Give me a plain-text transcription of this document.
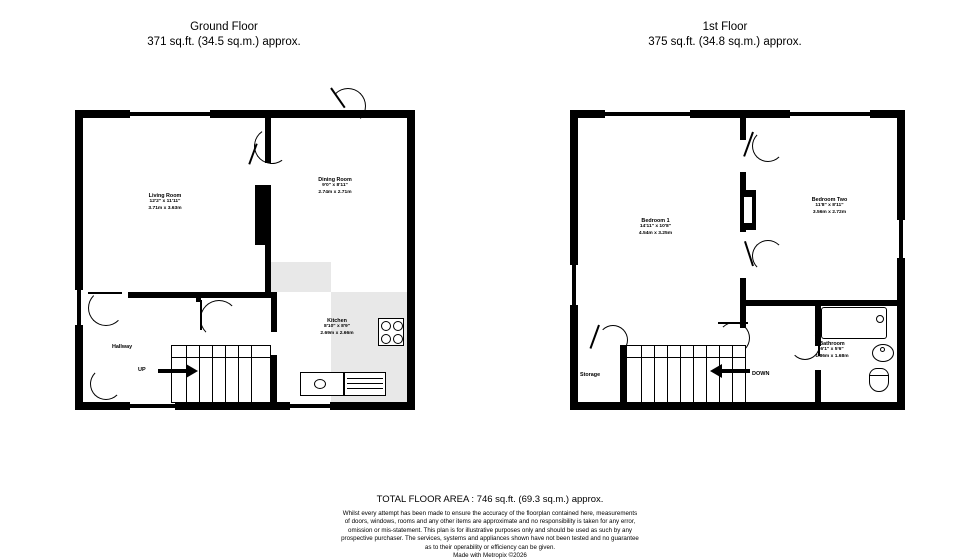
Ground Floor
371 sq.ft. (34.5 sq.m.) approx.
1st Floor
375 sq.ft. (34.8 sq.m.) approx.
Living Room
12'2" x 11'11"
3.71m x 3.63m
Dining Room
9'0" x 8'11"
2.74m x 2.71m
Kitchen
8'10" x 8'9"
2.69m x 2.66m
Hallway
UP
Bedroom 1
14'11" x 10'8"
4.54m x 3.25m
Bedroom Two
11'8" x 8'11"
3.56m x 2.72m
Bathroom
6'1" x 5'6"
1.86m x 1.68m
Storage	DOWN
TOTAL FLOOR AREA : 746 sq.ft. (69.3 sq.m.) approx.
Whilst every attempt has been made to ensure the accuracy of the floorplan contained here, measurements
of doors, windows, rooms and any other items are approximate and no responsibility is taken for any error,
omission or mis-statement. This plan is for illustrative purposes only and should be used as such by any
prospective purchaser. The services, systems and appliances shown have not been tested and no guarantee
as to their operability or efficiency can be given.
Made with Metropix ©2026
